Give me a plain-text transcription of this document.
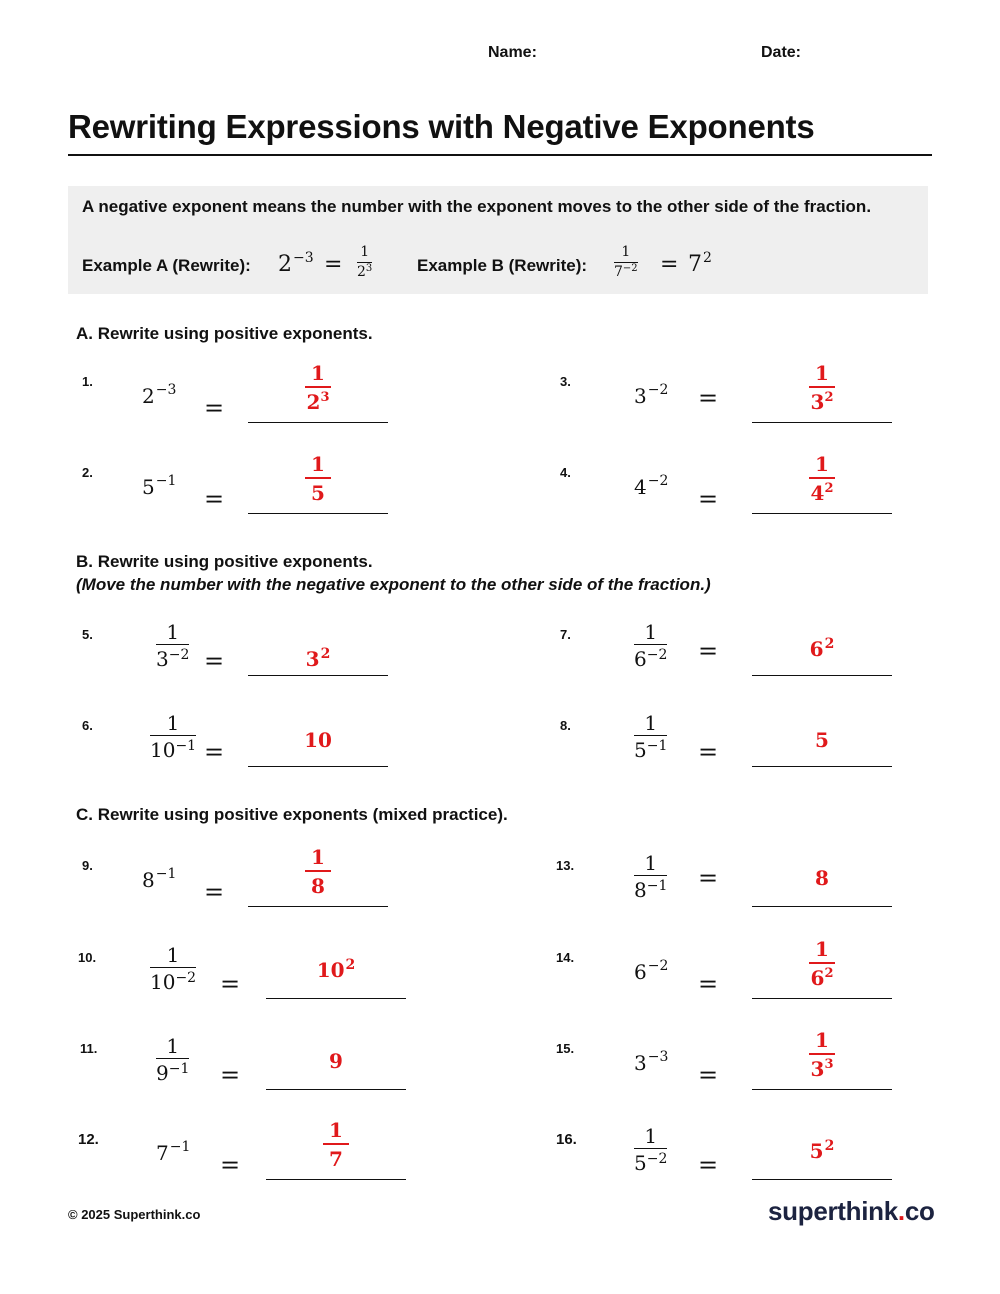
Name:	Date:
Rewriting Expressions with Negative Exponents
A negative exponent means the number with the exponent moves to the other side of the fraction.
Example A (Rewrite): $2^{-3} = 1$
$2^3$	Example B (Rewrite):
1
$7^{-2} = 7^2$
A. Rewrite using positive exponents.
1.
$2^{-3}$
=
1
$2^3$
3.
$3^{-2}$ =
1
$3^2$
2.
$5^{-1}$
=
1
5
4.
$4^{-2}$
=
1
$4^2$
B. Rewrite using positive exponents.
(Move the number with the negative exponent to the other side of the fraction.)
5.	1
$3^{-2}$ =	$3^2$
7.	1
$6^{-2}$ =	$6^2$
6.	1
$10^{-1}$ =	10
8.	1
$5^{-1}$ =	5
C. Rewrite using positive exponents (mixed practice).
9.
$8^{-1}$
=
1
8
13.	1
$8^{-1}$ =	8
10.	1
$10^{-2}$ =	$10^2$	14.
$6^{-2}$
=
1
$6^2$
11.	1
$9^{-1}$ =	9
15.
$3^{-3}$
=
1
$3^3$
12.
$7^{-1}$
=
1
7
16.	1
$5^{-2}$ =	$5^2$
© 2025 Superthink.co	superthink.co
